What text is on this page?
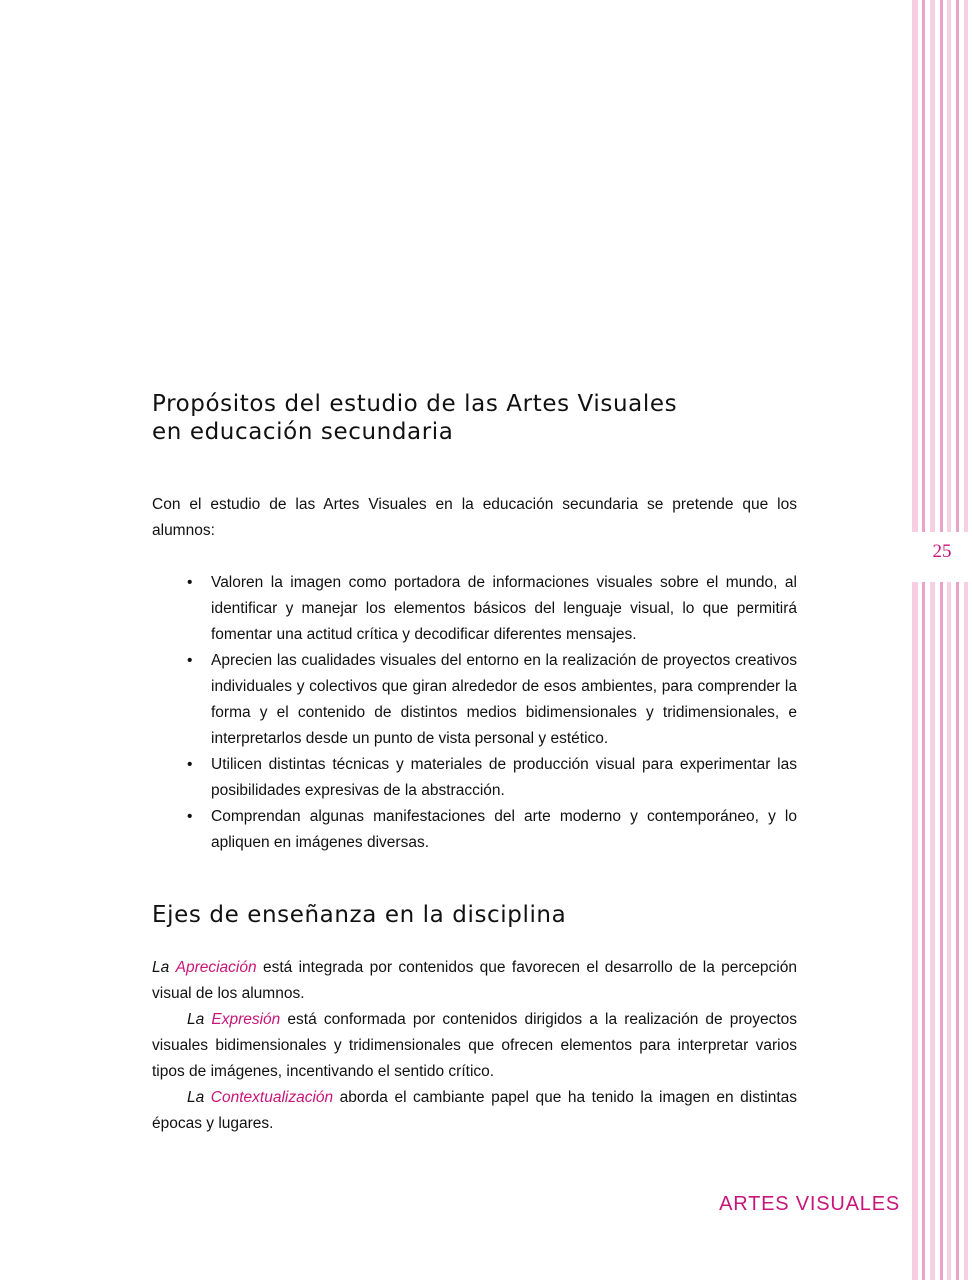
25
Propósitos del estudio de las Artes Visuales
en educación secundaria

Con el estudio de las Artes Visuales en la educación secundaria se pretende que los alumnos:

• Valoren la imagen como portadora de informaciones visuales sobre el mundo, al identificar y manejar los elementos básicos del lenguaje visual, lo que permitirá fomentar una actitud crítica y decodificar diferentes mensajes.
• Aprecien las cualidades visuales del entorno en la realización de proyectos creativos individuales y colectivos que giran alrededor de esos ambientes, para comprender la forma y el contenido de distintos medios bidimensionales y tridimensionales, e interpretarlos desde un punto de vista personal y estético.
• Utilicen distintas técnicas y materiales de producción visual para experimentar las posibilidades expresivas de la abstracción.
• Comprendan algunas manifestaciones del arte moderno y contemporáneo, y lo apliquen en imágenes diversas.
Ejes de enseñanza en la disciplina

La Apreciación está integrada por contenidos que favorecen el desarrollo de la percepción visual de los alumnos.

La Expresión está conformada por contenidos dirigidos a la realización de proyectos visuales bidimensionales y tridimensionales que ofrecen elementos para interpretar varios tipos de imágenes, incentivando el sentido crítico.

La Contextualización aborda el cambiante papel que ha tenido la imagen en distintas épocas y lugares.

ARTES VISUALES
